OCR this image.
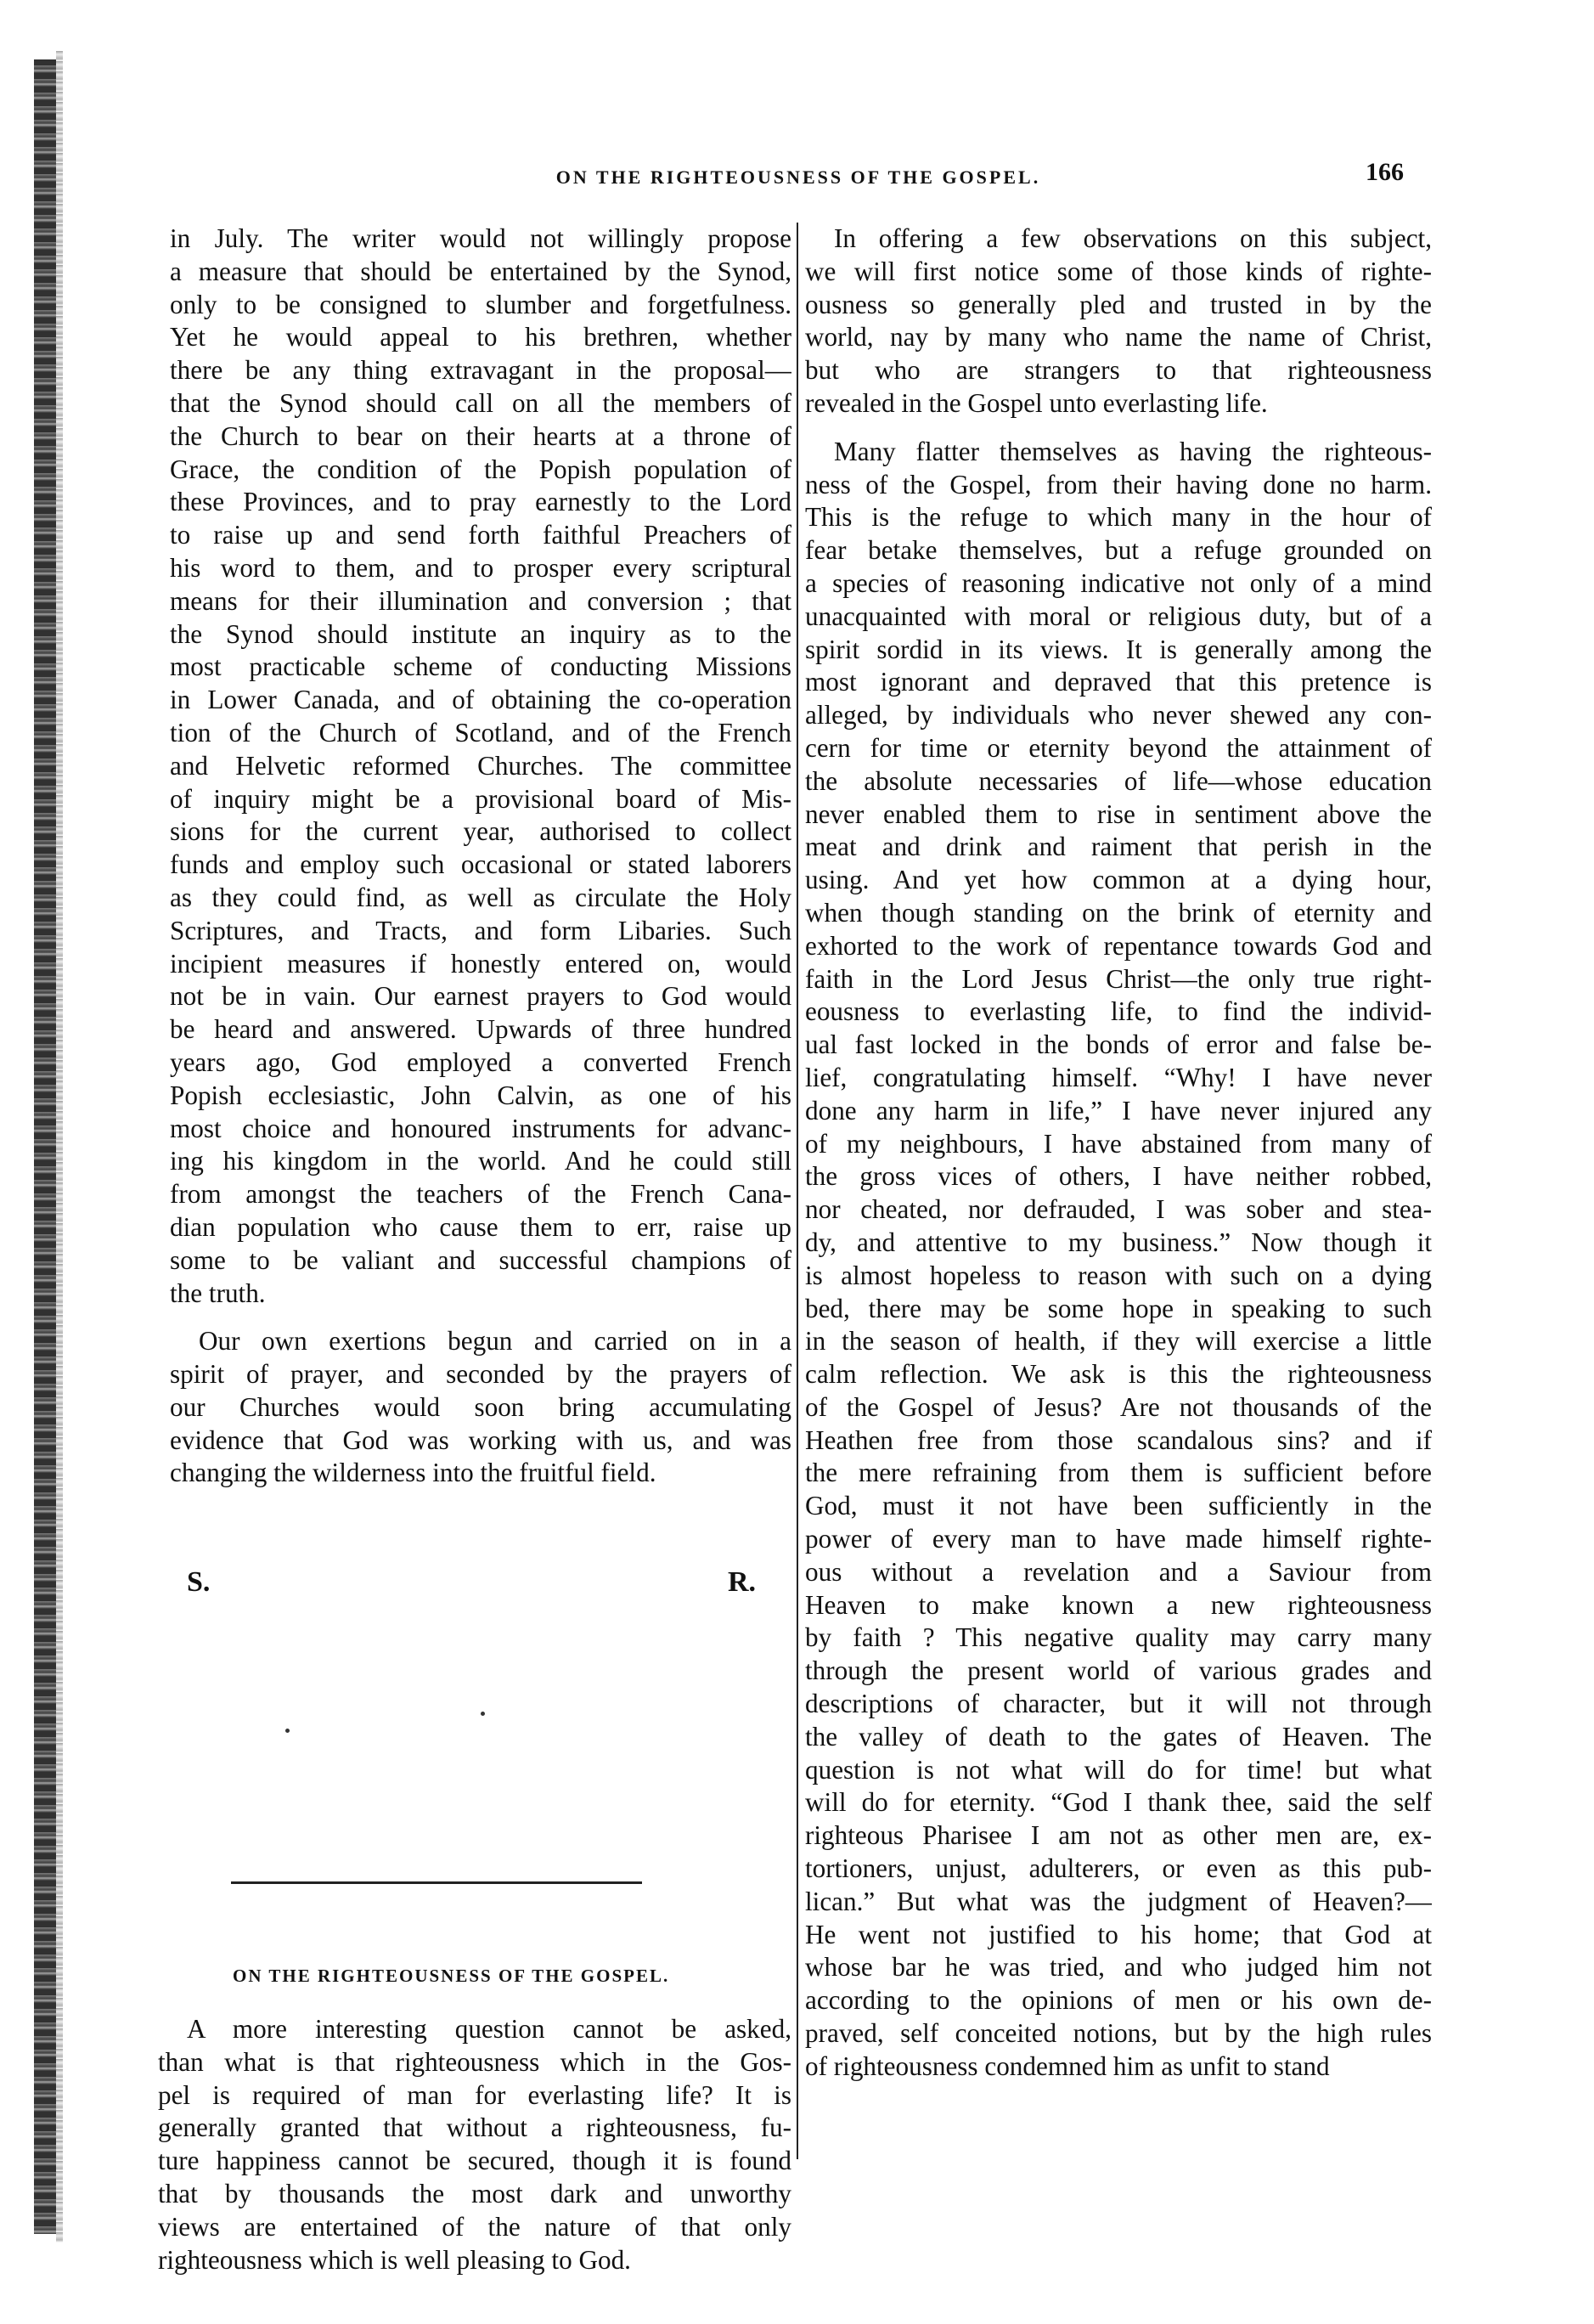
ON THE RIGHTEOUSNESS OF THE GOSPEL.	166
in July. The writer would not willingly propose
a measure that should be entertained by the Synod,
only to be consigned to slumber and forgetfulness.
Yet he would appeal to his brethren, whether
there be any thing extravagant in the proposal—
that the Synod should call on all the members of
the Church to bear on their hearts at a throne of
Grace, the condition of the Popish population of
these Provinces, and to pray earnestly to the Lord
to raise up and send forth faithful Preachers of
his word to them, and to prosper every scriptural
means for their illumination and conversion ; that
the Synod should institute an inquiry as to the
most practicable scheme of conducting Missions
in Lower Canada, and of obtaining the co-operation
tion of the Church of Scotland, and of the French
and Helvetic reformed Churches. The committee
of inquiry might be a provisional board of Mis-
sions for the current year, authorised to collect
funds and employ such occasional or stated laborers
as they could find, as well as circulate the Holy
Scriptures, and Tracts, and form Libaries. Such
incipient measures if honestly entered on, would
not be in vain. Our earnest prayers to God would
be heard and answered. Upwards of three hundred
years ago, God employed a converted French
Popish ecclesiastic, John Calvin, as one of his
most choice and honoured instruments for advanc-
ing his kingdom in the world. And he could still
from amongst the teachers of the French Cana-
dian population who cause them to err, raise up
some to be valiant and successful champions of
the truth.
Our own exertions begun and carried on in a
spirit of prayer, and seconded by the prayers of
our Churches would soon bring accumulating
evidence that God was working with us, and was
changing the wilderness into the fruitful field.
S.	R.
ON THE RIGHTEOUSNESS OF THE GOSPEL.
A more interesting question cannot be asked,
than what is that righteousness which in the Gos-
pel is required of man for everlasting life? It is
generally granted that without a righteousness, fu-
ture happiness cannot be secured, though it is found
that by thousands the most dark and unworthy
views are entertained of the nature of that only
righteousness which is well pleasing to God.
In offering a few observations on this subject,
we will first notice some of those kinds of righte-
ousness so generally pled and trusted in by the
world, nay by many who name the name of Christ,
but who are strangers to that righteousness
revealed in the Gospel unto everlasting life.
Many flatter themselves as having the righteous-
ness of the Gospel, from their having done no harm.
This is the refuge to which many in the hour of
fear betake themselves, but a refuge grounded on
a species of reasoning indicative not only of a mind
unacquainted with moral or religious duty, but of a
spirit sordid in its views. It is generally among the
most ignorant and depraved that this pretence is
alleged, by individuals who never shewed any con-
cern for time or eternity beyond the attainment of
the absolute necessaries of life—whose education
never enabled them to rise in sentiment above the
meat and drink and raiment that perish in the
using. And yet how common at a dying hour,
when though standing on the brink of eternity and
exhorted to the work of repentance towards God and
faith in the Lord Jesus Christ—the only true right-
eousness to everlasting life, to find the individ-
ual fast locked in the bonds of error and false be-
lief, congratulating himself. “Why! I have never
done any harm in life,” I have never injured any
of my neighbours, I have abstained from many of
the gross vices of others, I have neither robbed,
nor cheated, nor defrauded, I was sober and stea-
dy, and attentive to my business.” Now though it
is almost hopeless to reason with such on a dying
bed, there may be some hope in speaking to such
in the season of health, if they will exercise a little
calm reflection. We ask is this the righteousness
of the Gospel of Jesus? Are not thousands of the
Heathen free from those scandalous sins? and if
the mere refraining from them is sufficient before
God, must it not have been sufficiently in the
power of every man to have made himself righte-
ous without a revelation and a Saviour from
Heaven to make known a new righteousness
by faith ? This negative quality may carry many
through the present world of various grades and
descriptions of character, but it will not through
the valley of death to the gates of Heaven. The
question is not what will do for time! but what
will do for eternity. “God I thank thee, said the self
righteous Pharisee I am not as other men are, ex-
tortioners, unjust, adulterers, or even as this pub-
lican.” But what was the judgment of Heaven?—
He went not justified to his home; that God at
whose bar he was tried, and who judged him not
according to the opinions of men or his own de-
praved, self conceited notions, but by the high rules
of righteousness condemned him as unfit to stand
